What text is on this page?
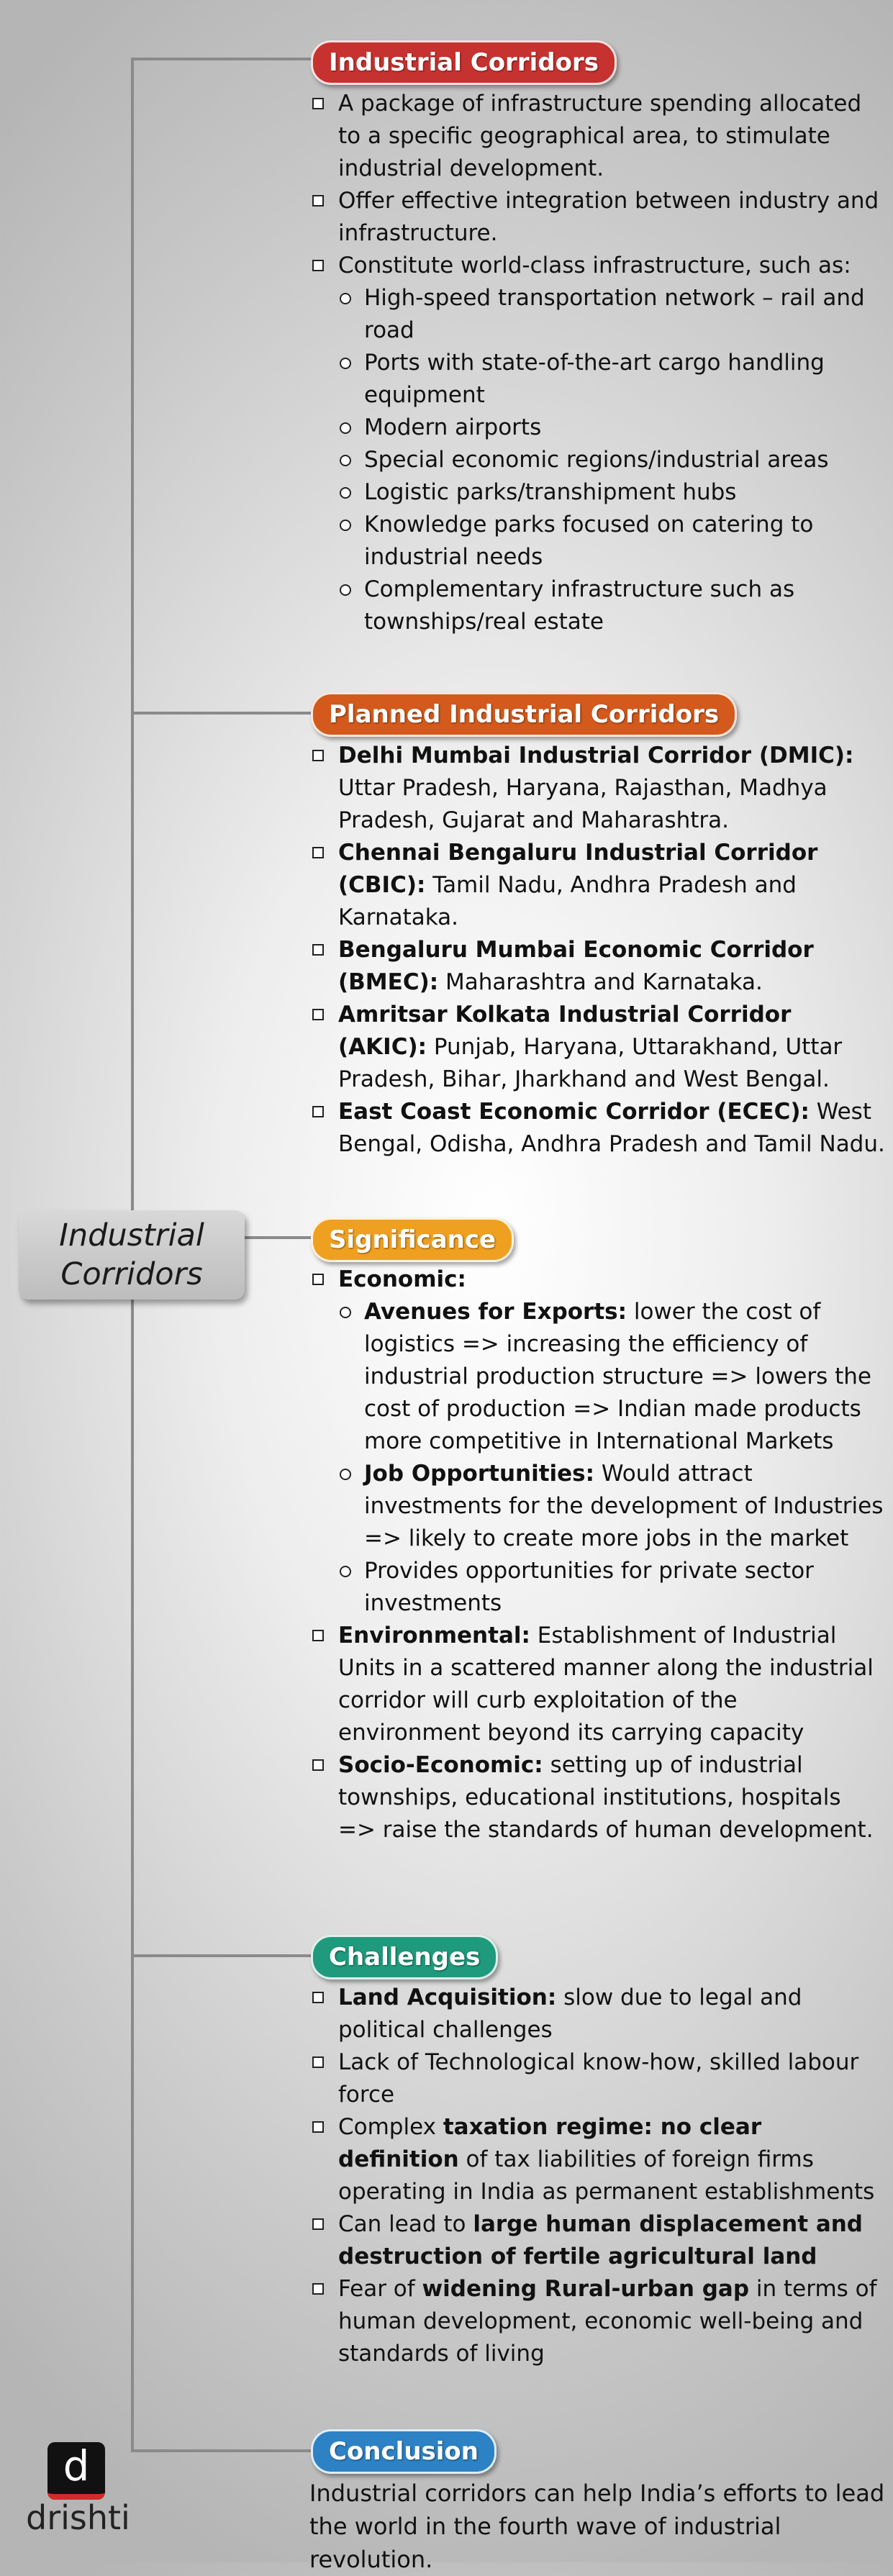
Industrial
Corridors
Industrial Corridors
A package of infrastructure spending allocated to a specific geographical area, to stimulate industrial development.
Offer effective integration between industry and infrastructure.
Constitute world-class infrastructure, such as:
High-speed transportation network – rail and road
Ports with state-of-the-art cargo handling equipment
Modern airports
Special economic regions/industrial areas
Logistic parks/transhipment hubs
Knowledge parks focused on catering to industrial needs
Complementary infrastructure such as townships/real estate
Planned Industrial Corridors
Delhi Mumbai Industrial Corridor (DMIC): Uttar Pradesh, Haryana, Rajasthan, Madhya Pradesh, Gujarat and Maharashtra.
Chennai Bengaluru Industrial Corridor (CBIC): Tamil Nadu, Andhra Pradesh and Karnataka.
Bengaluru Mumbai Economic Corridor (BMEC): Maharashtra and Karnataka.
Amritsar Kolkata Industrial Corridor (AKIC): Punjab, Haryana, Uttarakhand, Uttar Pradesh, Bihar, Jharkhand and West Bengal.
East Coast Economic Corridor (ECEC): West Bengal, Odisha, Andhra Pradesh and Tamil Nadu.
Significance
Economic:
Avenues for Exports: lower the cost of logistics => increasing the efficiency of industrial production structure => lowers the cost of production => Indian made products more competitive in International Markets
Job Opportunities: Would attract investments for the development of Industries => likely to create more jobs in the market
Provides opportunities for private sector investments
Environmental: Establishment of Industrial Units in a scattered manner along the industrial corridor will curb exploitation of the environment beyond its carrying capacity
Socio-Economic: setting up of industrial townships, educational institutions, hospitals => raise the standards of human development.
Challenges
Land Acquisition: slow due to legal and political challenges
Lack of Technological know-how, skilled labour force
Complex taxation regime: no clear definition of tax liabilities of foreign firms operating in India as permanent establishments
Can lead to large human displacement and destruction of fertile agricultural land
Fear of widening Rural-urban gap in terms of human development, economic well-being and standards of living
Conclusion
Industrial corridors can help India’s efforts to lead the world in the fourth wave of industrial revolution.
d
drishti
